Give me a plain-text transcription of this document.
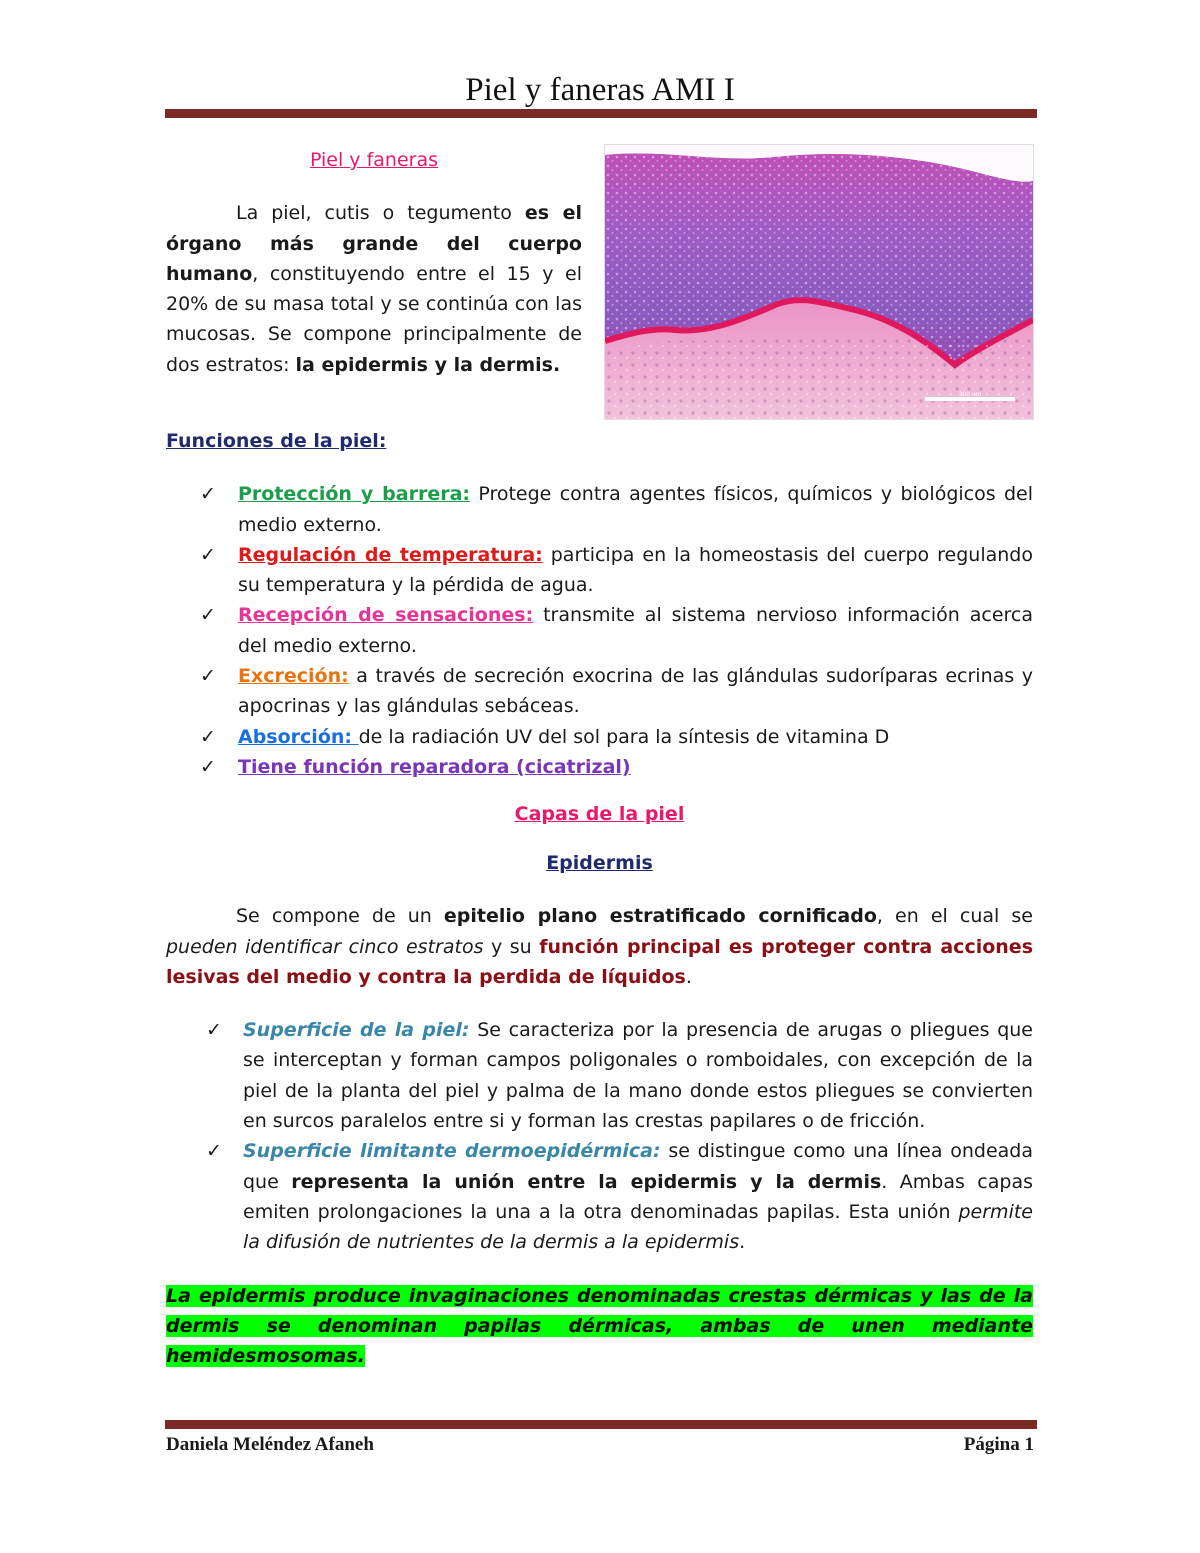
Piel y faneras AMI I
Piel y faneras
La piel, cutis o tegumento es el órgano más grande del cuerpo humano, constituyendo entre el 15 y el 20% de su masa total y se continúa con las mucosas. Se compone principalmente de dos estratos: la epidermis y la dermis.
300 um
Funciones de la piel:
✓ Protección y barrera: Protege contra agentes físicos, químicos y biológicos del medio externo.
✓ Regulación de temperatura: participa en la homeostasis del cuerpo regulando su temperatura y la pérdida de agua.
✓ Recepción de sensaciones: transmite al sistema nervioso información acerca del medio externo.
✓ Excreción: a través de secreción exocrina de las glándulas sudoríparas ecrinas y apocrinas y las glándulas sebáceas.
✓ Absorción: de la radiación UV del sol para la síntesis de vitamina D
✓ Tiene función reparadora (cicatrizal)
Capas de la piel
Epidermis
Se compone de un epitelio plano estratificado cornificado, en el cual se pueden identificar cinco estratos y su función principal es proteger contra acciones lesivas del medio y contra la perdida de líquidos.
✓ Superficie de la piel: Se caracteriza por la presencia de arugas o pliegues que se interceptan y forman campos poligonales o romboidales, con excepción de la piel de la planta del piel y palma de la mano donde estos pliegues se convierten en surcos paralelos entre si y forman las crestas papilares o de fricción.
✓ Superficie limitante dermoepidérmica: se distingue como una línea ondeada que representa la unión entre la epidermis y la dermis. Ambas capas emiten prolongaciones la una a la otra denominadas papilas. Esta unión permite la difusión de nutrientes de la dermis a la epidermis.
La epidermis produce invaginaciones denominadas crestas dérmicas y las de la dermis se denominan papilas dérmicas, ambas de unen mediante hemidesmosomas.
Daniela Meléndez Afaneh	Página 1
